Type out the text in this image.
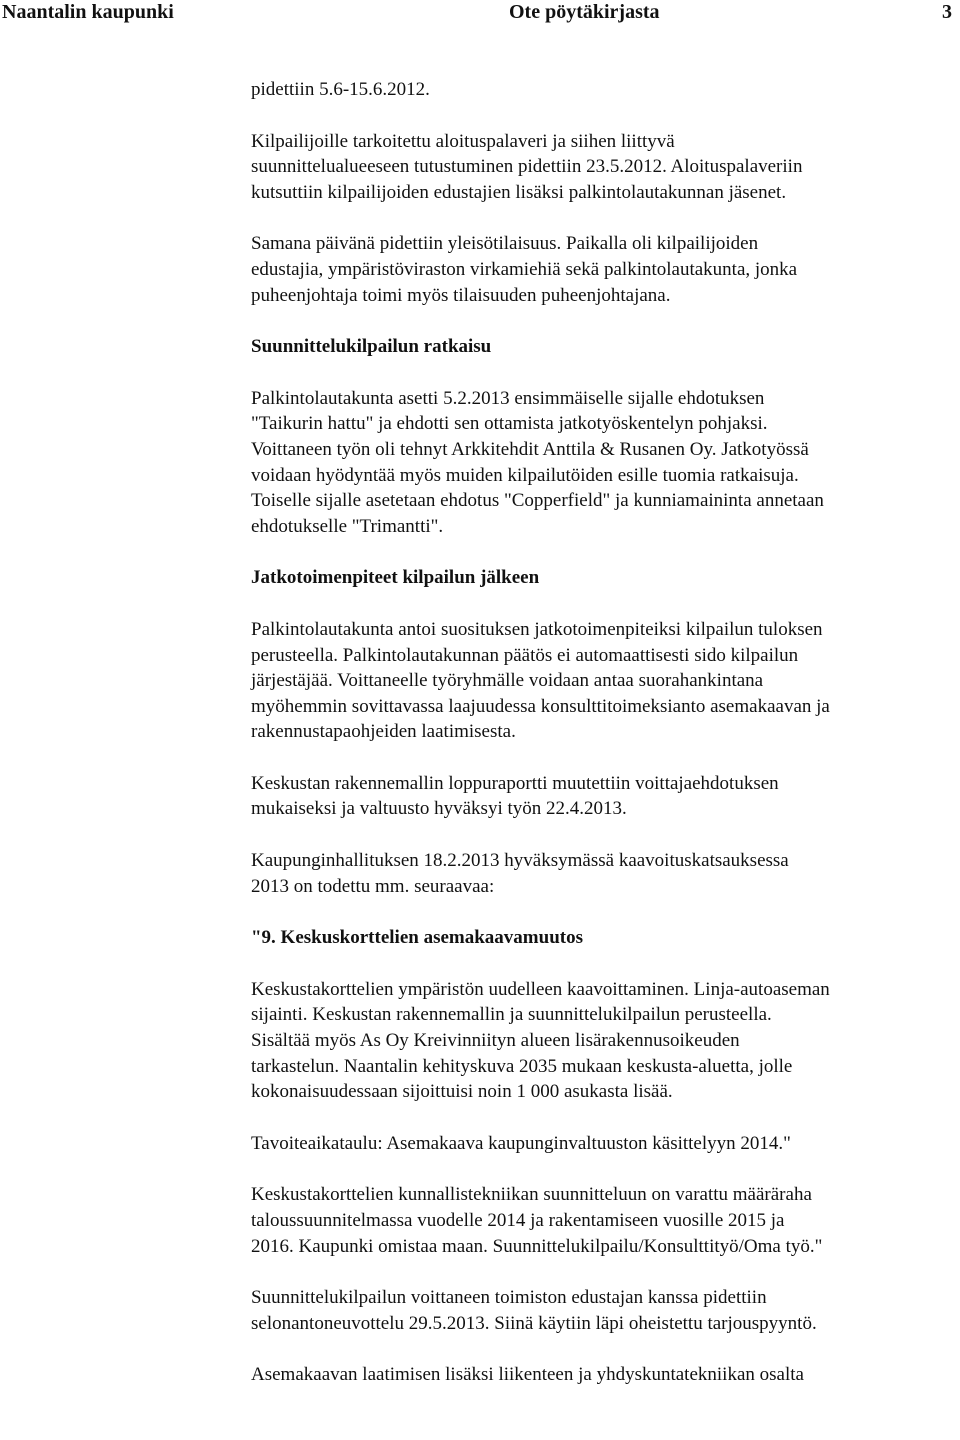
Naantalin kaupunki	Ote pöytäkirjasta	3
pidettiin 5.6-15.6.2012.
Kilpailijoille tarkoitettu aloituspalaveri ja siihen liittyvä
suunnittelualueeseen tutustuminen pidettiin 23.5.2012. Aloituspalaveriin
kutsuttiin kilpailijoiden edustajien lisäksi palkintolautakunnan jäsenet.
Samana päivänä pidettiin yleisötilaisuus. Paikalla oli kilpailijoiden
edustajia, ympäristöviraston virkamiehiä sekä palkintolautakunta, jonka
puheenjohtaja toimi myös tilaisuuden puheenjohtajana.
Suunnittelukilpailun ratkaisu
Palkintolautakunta asetti 5.2.2013 ensimmäiselle sijalle ehdotuksen
"Taikurin hattu" ja ehdotti sen ottamista jatkotyöskentelyn pohjaksi.
Voittaneen työn oli tehnyt Arkkitehdit Anttila & Rusanen Oy. Jatkotyössä
voidaan hyödyntää myös muiden kilpailutöiden esille tuomia ratkaisuja.
Toiselle sijalle asetetaan ehdotus "Copperfield" ja kunniamaininta annetaan
ehdotukselle "Trimantti".
Jatkotoimenpiteet kilpailun jälkeen
Palkintolautakunta antoi suosituksen jatkotoimenpiteiksi kilpailun tuloksen
perusteella. Palkintolautakunnan päätös ei automaattisesti sido kilpailun
järjestäjää. Voittaneelle työryhmälle voidaan antaa suorahankintana
myöhemmin sovittavassa laajuudessa konsulttitoimeksianto asemakaavan ja
rakennustapaohjeiden laatimisesta.
Keskustan rakennemallin loppuraportti muutettiin voittajaehdotuksen
mukaiseksi ja valtuusto hyväksyi työn 22.4.2013.
Kaupunginhallituksen 18.2.2013 hyväksymässä kaavoituskatsauksessa
2013 on todettu mm. seuraavaa:
"9. Keskuskorttelien asemakaavamuutos
Keskustakorttelien ympäristön uudelleen kaavoittaminen. Linja-autoaseman
sijainti. Keskustan rakennemallin ja suunnittelukilpailun perusteella.
Sisältää myös As Oy Kreivinniityn alueen lisärakennusoikeuden
tarkastelun. Naantalin kehityskuva 2035 mukaan keskusta-aluetta, jolle
kokonaisuudessaan sijoittuisi noin 1 000 asukasta lisää.
Tavoiteaikataulu: Asemakaava kaupunginvaltuuston käsittelyyn 2014."
Keskustakorttelien kunnallistekniikan suunnitteluun on varattu määräraha
taloussuunnitelmassa vuodelle 2014 ja rakentamiseen vuosille 2015 ja
2016. Kaupunki omistaa maan. Suunnittelukilpailu/Konsulttityö/Oma työ."
Suunnittelukilpailun voittaneen toimiston edustajan kanssa pidettiin
selonantoneuvottelu 29.5.2013. Siinä käytiin läpi oheistettu tarjouspyyntö.
Asemakaavan laatimisen lisäksi liikenteen ja yhdyskuntatekniikan osalta
